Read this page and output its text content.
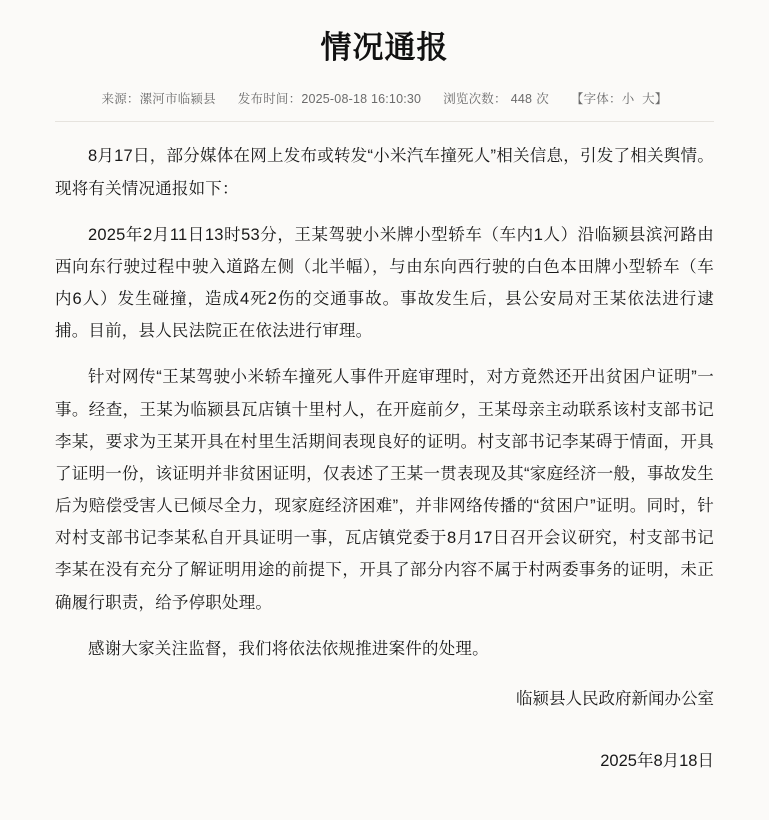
情况通报
来源：漯河市临颍县 发布时间：2025-08-18 16:10:30 浏览次数： 448 次 【字体：小 大】

8月17日，部分媒体在网上发布或转发“小米汽车撞死人”相关信息，引发了相关舆情。现将有关情况通报如下：

2025年2月11日13时53分，王某驾驶小米牌小型轿车（车内1人）沿临颍县滨河路由西向东行驶过程中驶入道路左侧（北半幅），与由东向西行驶的白色本田牌小型轿车（车内6人）发生碰撞，造成4死2伤的交通事故。事故发生后，县公安局对王某依法进行逮捕。目前，县人民法院正在依法进行审理。

针对网传“王某驾驶小米轿车撞死人事件开庭审理时，对方竟然还开出贫困户证明”一事。经查，王某为临颍县瓦店镇十里村人，在开庭前夕，王某母亲主动联系该村支部书记李某，要求为王某开具在村里生活期间表现良好的证明。村支部书记李某碍于情面，开具了证明一份，该证明并非贫困证明，仅表述了王某一贯表现及其“家庭经济一般，事故发生后为赔偿受害人已倾尽全力，现家庭经济困难”，并非网络传播的“贫困户”证明。同时，针对村支部书记李某私自开具证明一事，瓦店镇党委于8月17日召开会议研究，村支部书记李某在没有充分了解证明用途的前提下，开具了部分内容不属于村两委事务的证明，未正确履行职责，给予停职处理。

感谢大家关注监督，我们将依法依规推进案件的处理。

临颍县人民政府新闻办公室
2025年8月18日
